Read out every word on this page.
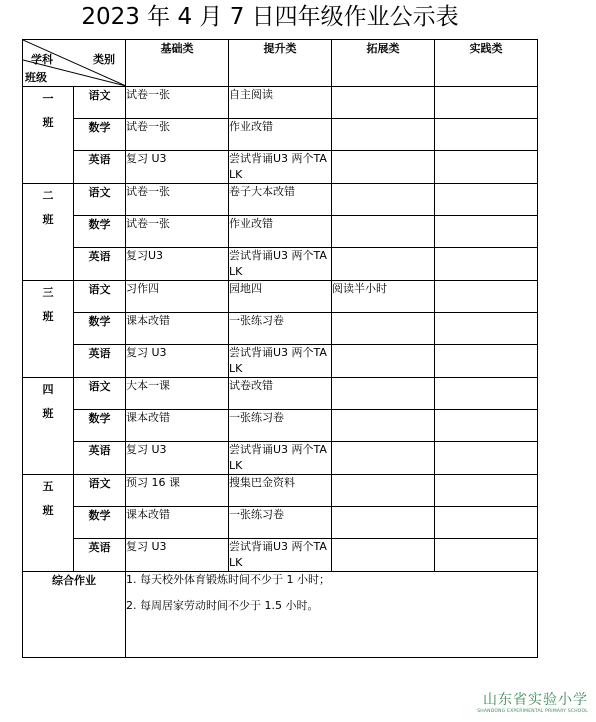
2023 年 4 月 7 日四年级作业公示表
学科 类别
班级		基础类	提升类	拓展类	实践类
一
班	语文	试卷一张	自主阅读		
	数学	试卷一张	作业改错		
	英语	复习 U3	尝试背诵U3 两个TALK		
二
班	语文	试卷一张	卷子大本改错		
	数学	试卷一张	作业改错		
	英语	复习U3	尝试背诵U3 两个TALK		
三
班	语文	习作四	园地四	阅读半小时	
	数学	课本改错	一张练习卷		
	英语	复习 U3	尝试背诵U3 两个TALK		
四
班	语文	大本一课	试卷改错		
	数学	课本改错	一张练习卷		
	英语	复习 U3	尝试背诵U3 两个TALK		
五
班	语文	预习 16 课	搜集巴金资料		
	数学	课本改错	一张练习卷		
	英语	复习 U3	尝试背诵U3 两个TALK		
综合作业		1. 每天校外体育锻炼时间不少于 1 小时；
2. 每周居家劳动时间不少于 1.5 小时。			
山东省实验小学
SHANDONG EXPERIMENTAL PRIMARY SCHOOL
